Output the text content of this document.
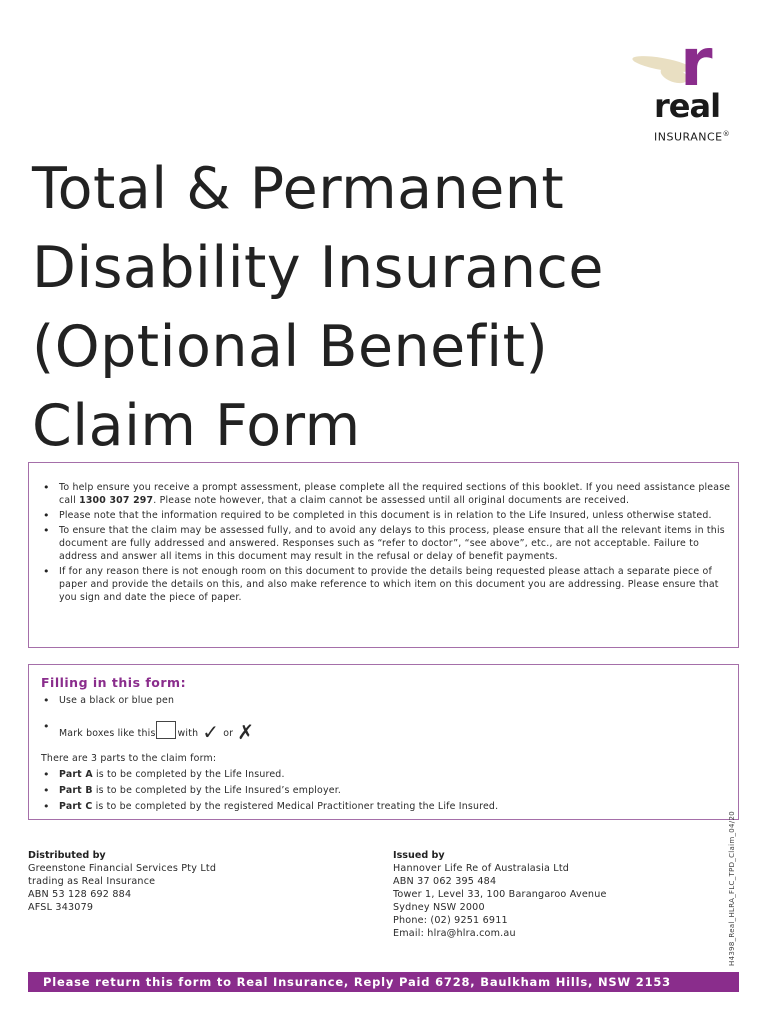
r
real
INSURANCE®
Total & Permanent
Disability Insurance
(Optional Benefit)
Claim Form
• To help ensure you receive a prompt assessment, please complete all the required sections of this booklet. If you need assistance please call 1300 307 297. Please note however, that a claim cannot be assessed until all original documents are received.
• Please note that the information required to be completed in this document is in relation to the Life Insured, unless otherwise stated.
• To ensure that the claim may be assessed fully, and to avoid any delays to this process, please ensure that all the relevant items in this document are fully addressed and answered. Responses such as “refer to doctor”, “see above”, etc., are not acceptable. Failure to address and answer all items in this document may result in the refusal or delay of benefit payments.
• If for any reason there is not enough room on this document to provide the details being requested please attach a separate piece of paper and provide the details on this, and also make reference to which item on this document you are addressing. Please ensure that you sign and date the piece of paper.
Filling in this form:
• Use a black or blue pen
• Mark boxes like this with ✓ or ✗
There are 3 parts to the claim form:
• Part A is to be completed by the Life Insured.
• Part B is to be completed by the Life Insured’s employer.
• Part C is to be completed by the registered Medical Practitioner treating the Life Insured.
Distributed by
Greenstone Financial Services Pty Ltd
trading as Real Insurance
ABN 53 128 692 884
AFSL 343079
Issued by
Hannover Life Re of Australasia Ltd
ABN 37 062 395 484
Tower 1, Level 33, 100 Barangaroo Avenue
Sydney NSW 2000
Phone: (02) 9251 6911
Email: hlra@hlra.com.au	H4398_Real_HLRA_FLC_TPD_Claim_04/20
Please return this form to Real Insurance, Reply Paid 6728, Baulkham Hills, NSW 2153
